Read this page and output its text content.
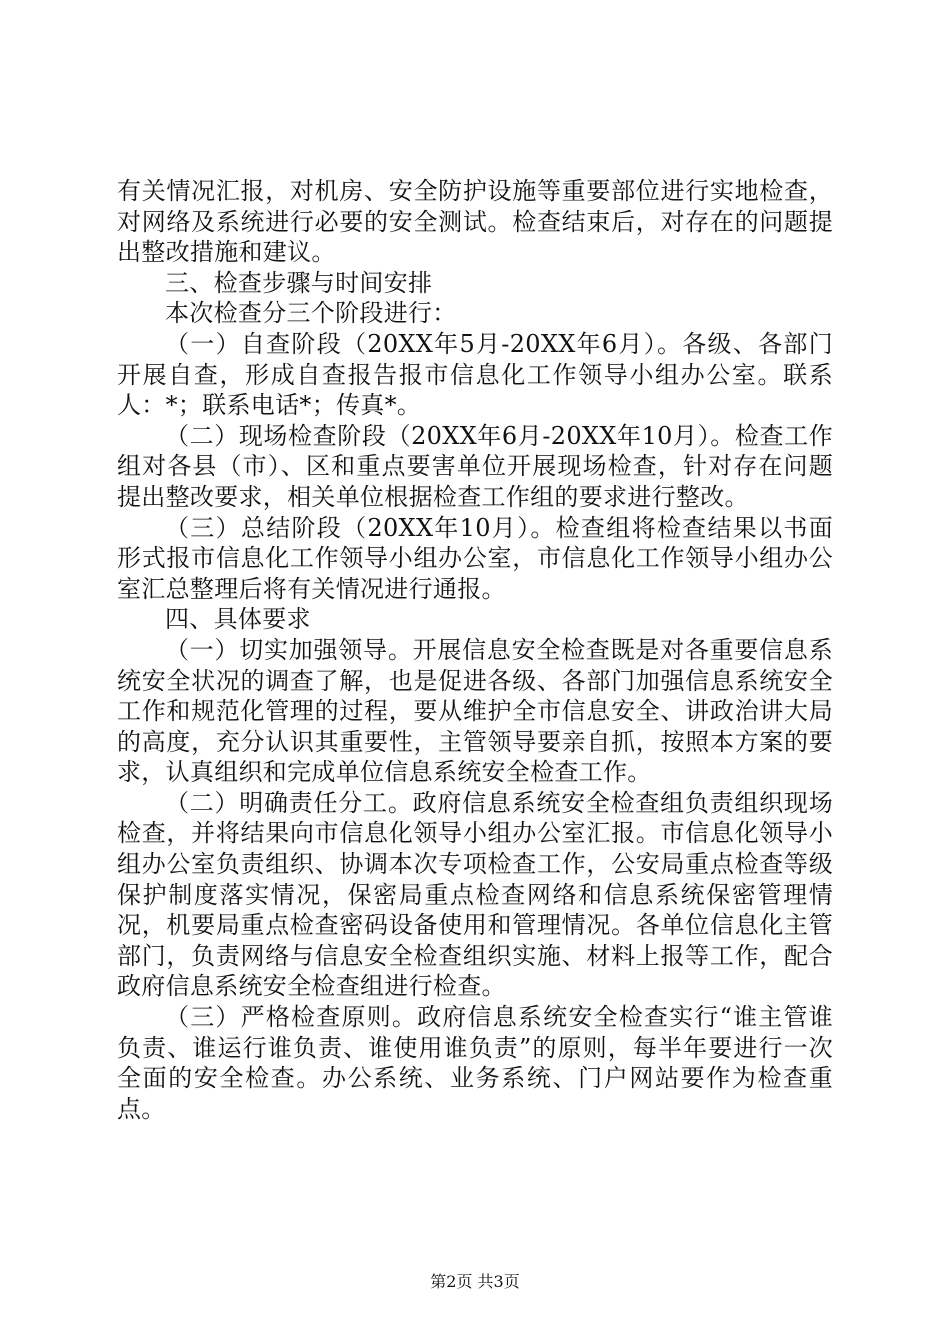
有关情况汇报，对机房、安全防护设施等重要部位进行实地检查，对网络及系统进行必要的安全测试。检查结束后，对存在的问题提出整改措施和建议。

三、检查步骤与时间安排

本次检查分三个阶段进行：

（一）自查阶段（20XX年5月-20XX年6月）。各级、各部门开展自查，形成自查报告报市信息化工作领导小组办公室。联系人：*；联系电话*；传真*。

（二）现场检查阶段（20XX年6月-20XX年10月）。检查工作组对各县（市）、区和重点要害单位开展现场检查，针对存在问题提出整改要求，相关单位根据检查工作组的要求进行整改。

（三）总结阶段（20XX年10月）。检查组将检查结果以书面形式报市信息化工作领导小组办公室，市信息化工作领导小组办公室汇总整理后将有关情况进行通报。

四、具体要求

（一）切实加强领导。开展信息安全检查既是对各重要信息系统安全状况的调查了解，也是促进各级、各部门加强信息系统安全工作和规范化管理的过程，要从维护全市信息安全、讲政治讲大局的高度，充分认识其重要性，主管领导要亲自抓，按照本方案的要求，认真组织和完成单位信息系统安全检查工作。

（二）明确责任分工。政府信息系统安全检查组负责组织现场检查，并将结果向市信息化领导小组办公室汇报。市信息化领导小组办公室负责组织、协调本次专项检查工作，公安局重点检查等级保护制度落实情况，保密局重点检查网络和信息系统保密管理情况，机要局重点检查密码设备使用和管理情况。各单位信息化主管部门，负责网络与信息安全检查组织实施、材料上报等工作，配合政府信息系统安全检查组进行检查。

（三）严格检查原则。政府信息系统安全检查实行“谁主管谁负责、谁运行谁负责、谁使用谁负责”的原则，每半年要进行一次全面的安全检查。办公系统、业务系统、门户网站要作为检查重点。

第2页 共3页
